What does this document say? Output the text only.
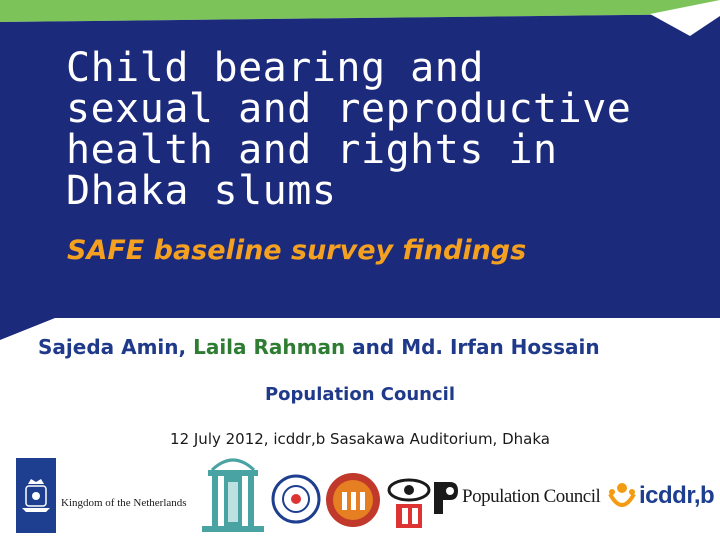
Child bearing and
sexual and reproductive
health and rights in
Dhaka slums
SAFE baseline survey findings
Sajeda Amin, Laila Rahman and Md. Irfan Hossain
Population Council
12 July 2012, icddr,b Sasakawa Auditorium, Dhaka
Kingdom of the Netherlands	Population Council icddr,b
